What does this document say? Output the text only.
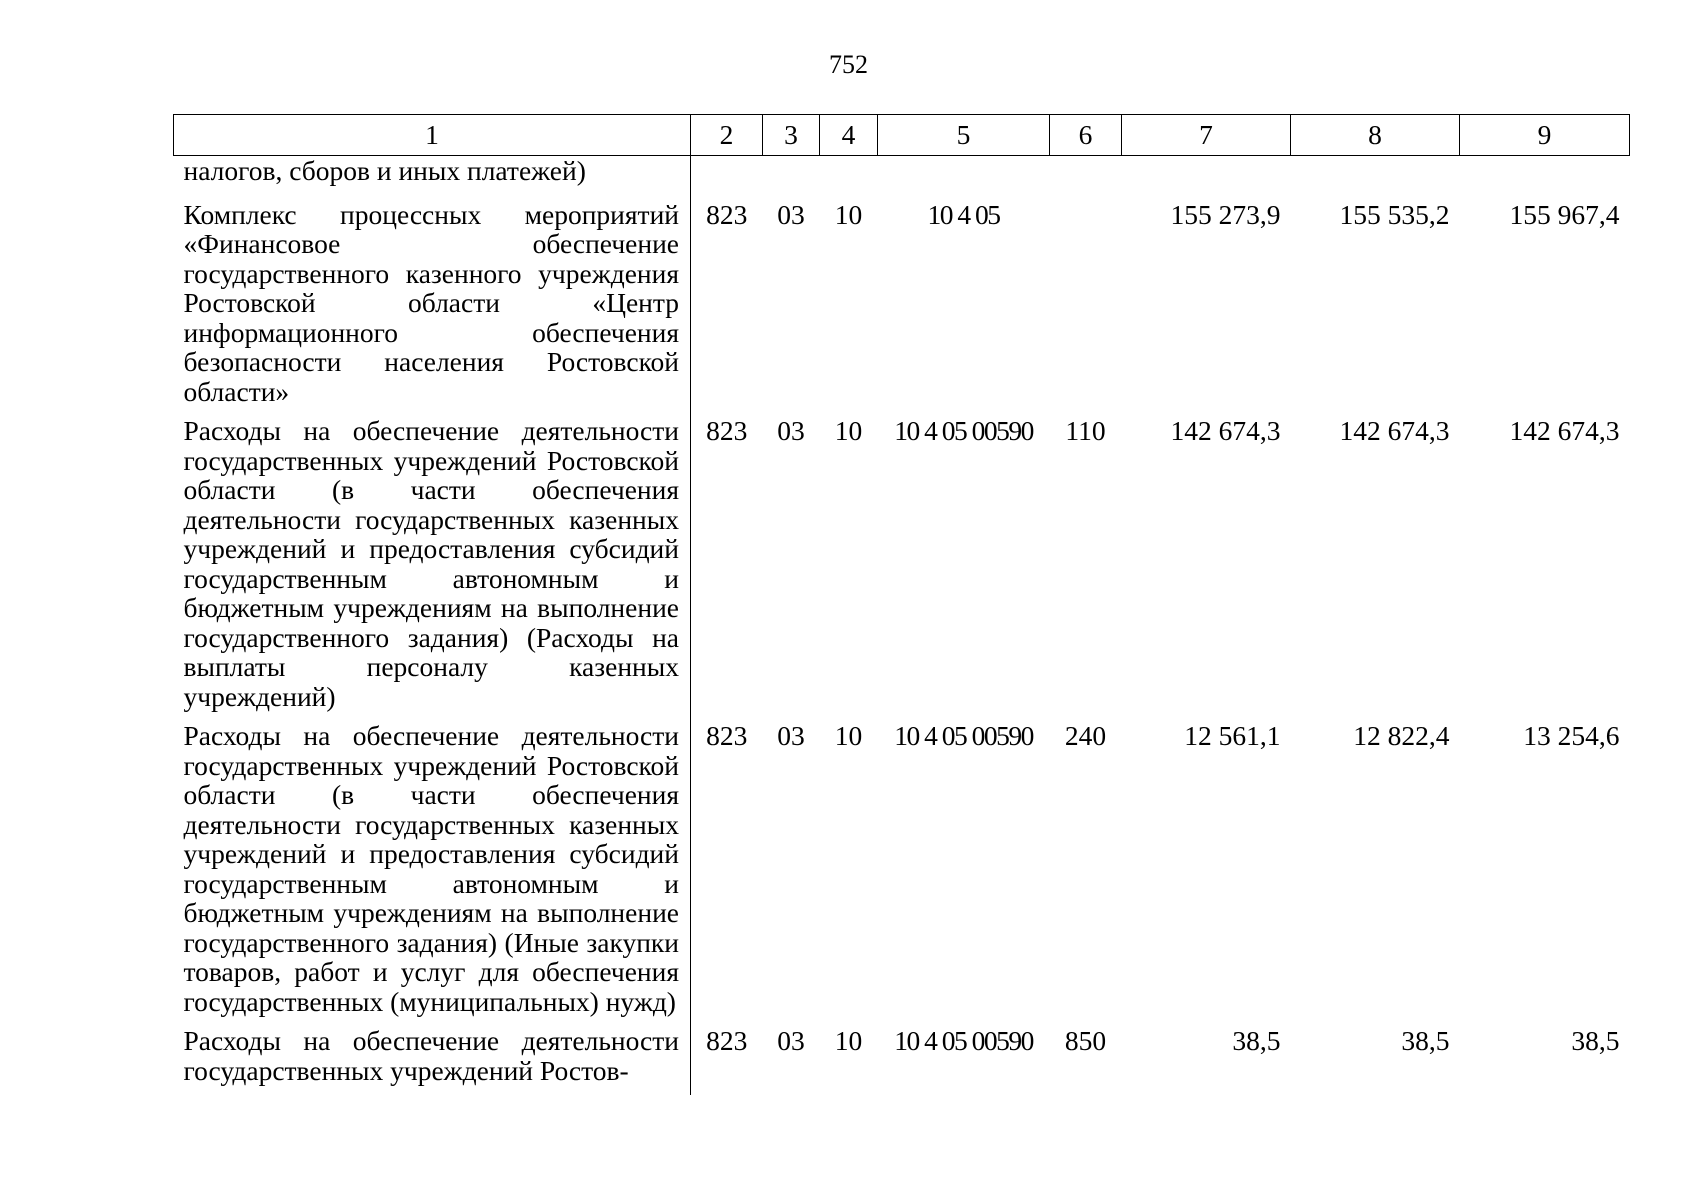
752
1	2	3	4	5	6	7	8	9
налогов, сборов и иных платежей)								
Комплекс процессных мероприятий «Финансовое обеспечение государственного казенного учреждения Ростовской области «Центр информационного обеспечения безопасности населения Ростовской области»	823	03	10	10 4 05		155 273,9	155 535,2	155 967,4
Расходы на обеспечение деятельности государственных учреждений Ростовской области (в части обеспечения деятельности государственных казенных учреждений и предоставления субсидий государственным автономным и бюджетным учреждениям на выполнение государственного задания) (Расходы на выплаты персоналу казенных учреждений)	823	03	10	10 4 05 00590	110	142 674,3	142 674,3	142 674,3
Расходы на обеспечение деятельности государственных учреждений Ростовской области (в части обеспечения деятельности государственных казенных учреждений и предоставления субсидий государственным автономным и бюджетным учреждениям на выполнение государственного задания) (Иные закупки товаров, работ и услуг для обеспечения государственных (муниципальных) нужд)	823	03	10	10 4 05 00590	240	12 561,1	12 822,4	13 254,6
Расходы на обеспечение деятельности государственных учреждений Ростов-	823	03	10	10 4 05 00590	850	38,5	38,5	38,5
